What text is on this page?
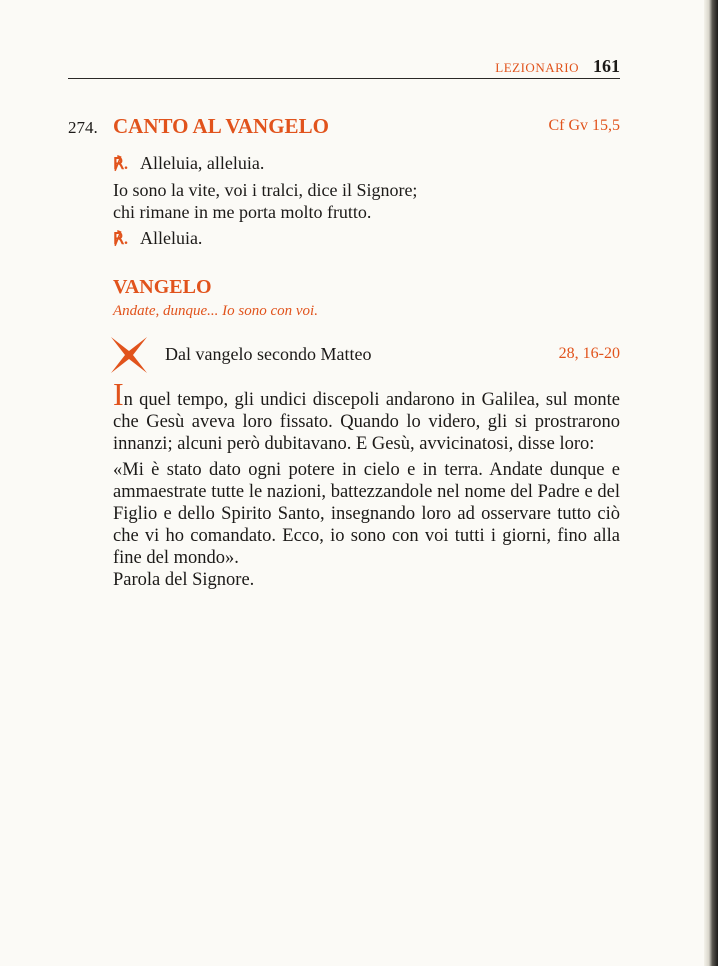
LEZIONARIO 161
274. CANTO AL VANGELO	Cf Gv 15,5
℟. Alleluia, alleluia.
Io sono la vite, voi i tralci, dice il Signore;
chi rimane in me porta molto frutto.
℟. Alleluia.
VANGELO
Andate, dunque... Io sono con voi.
Dal vangelo secondo Matteo	28, 16-20

In quel tempo, gli undici discepoli andarono in Galilea, sul monte che Gesù aveva loro fissato. Quando lo videro, gli si prostrarono innanzi; alcuni però dubitavano. E Gesù, avvicinatosi, disse loro:

«Mi è stato dato ogni potere in cielo e in terra. Andate dunque e ammaestrate tutte le nazioni, battezzandole nel nome del Padre e del Figlio e dello Spirito Santo, insegnando loro ad osservare tutto ciò che vi ho comandato. Ecco, io sono con voi tutti i giorni, fino alla fine del mondo».

Parola del Signore.
